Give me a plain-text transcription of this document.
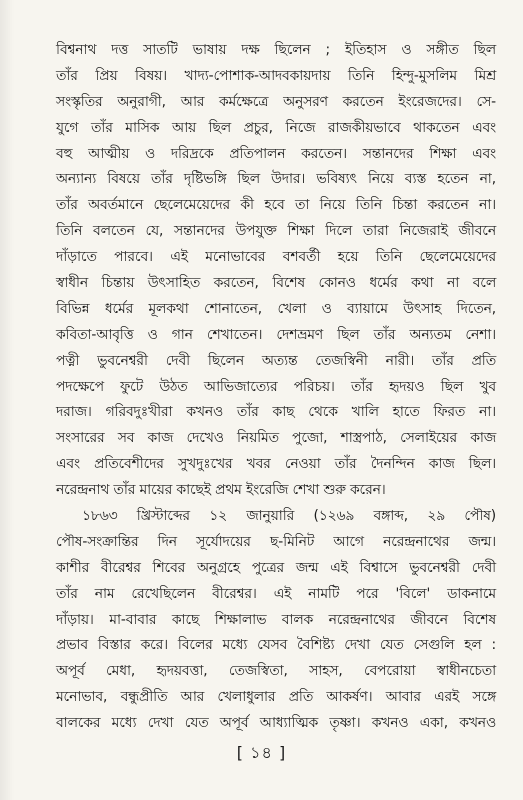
বিশ্বনাথ দত্ত সাতটি ভাষায় দক্ষ ছিলেন ; ইতিহাস ও সঙ্গীত ছিল
তাঁর প্রিয় বিষয়। খাদ্য-পোশাক-আদবকায়দায় তিনি হিন্দু-মুসলিম মিশ্র
সংস্কৃতির অনুরাগী, আর কর্মক্ষেত্রে অনুসরণ করতেন ইংরেজদের। সে-
যুগে তাঁর মাসিক আয় ছিল প্রচুর, নিজে রাজকীয়ভাবে থাকতেন এবং
বহু আত্মীয় ও দরিদ্রকে প্রতিপালন করতেন। সন্তানদের শিক্ষা এবং
অন্যান্য বিষয়ে তাঁর দৃষ্টিভঙ্গি ছিল উদার। ভবিষ্যৎ নিয়ে ব্যস্ত হতেন না,
তাঁর অবর্তমানে ছেলেমেয়েদের কী হবে তা নিয়ে তিনি চিন্তা করতেন না।
তিনি বলতেন যে, সন্তানদের উপযুক্ত শিক্ষা দিলে তারা নিজেরাই জীবনে
দাঁড়াতে পারবে। এই মনোভাবের বশবর্তী হয়ে তিনি ছেলেমেয়েদের
স্বাধীন চিন্তায় উৎসাহিত করতেন, বিশেষ কোনও ধর্মের কথা না বলে
বিভিন্ন ধর্মের মূলকথা শোনাতেন, খেলা ও ব্যায়ামে উৎসাহ দিতেন,
কবিতা-আবৃত্তি ও গান শেখাতেন। দেশভ্রমণ ছিল তাঁর অন্যতম নেশা।
পত্নী ভুবনেশ্বরী দেবী ছিলেন অত্যন্ত তেজস্বিনী নারী। তাঁর প্রতি
পদক্ষেপে ফুটে উঠত আভিজাত্যের পরিচয়। তাঁর হৃদয়ও ছিল খুব
দরাজ। গরিবদুঃখীরা কখনও তাঁর কাছ থেকে খালি হাতে ফিরত না।
সংসারের সব কাজ দেখেও নিয়মিত পুজো, শাস্ত্রপাঠ, সেলাইয়ের কাজ
এবং প্রতিবেশীদের সুখদুঃখের খবর নেওয়া তাঁর দৈনন্দিন কাজ ছিল।
নরেন্দ্রনাথ তাঁর মায়ের কাছেই প্রথম ইংরেজি শেখা শুরু করেন।
১৮৬৩ খ্রিস্টাব্দের ১২ জানুয়ারি (১২৬৯ বঙ্গাব্দ, ২৯ পৌষ)
পৌষ-সংক্রান্তির দিন সূর্যোদয়ের ছ-মিনিট আগে নরেন্দ্রনাথের জন্ম।
কাশীর বীরেশ্বর শিবের অনুগ্রহে পুত্রের জন্ম এই বিশ্বাসে ভুবনেশ্বরী দেবী
তাঁর নাম রেখেছিলেন বীরেশ্বর। এই নামটি পরে 'বিলে' ডাকনামে
দাঁড়ায়। মা-বাবার কাছে শিক্ষালাভ বালক নরেন্দ্রনাথের জীবনে বিশেষ
প্রভাব বিস্তার করে। বিলের মধ্যে যেসব বৈশিষ্ট্য দেখা যেত সেগুলি হল :
অপূর্ব মেধা, হৃদয়বত্তা, তেজস্বিতা, সাহস, বেপরোয়া স্বাধীনচেতা
মনোভাব, বন্ধুপ্রীতি আর খেলাধুলার প্রতি আকর্ষণ। আবার এরই সঙ্গে
বালকের মধ্যে দেখা যেত অপূর্ব আধ্যাত্মিক তৃষ্ণা। কখনও একা, কখনও
[ ১৪ ]
